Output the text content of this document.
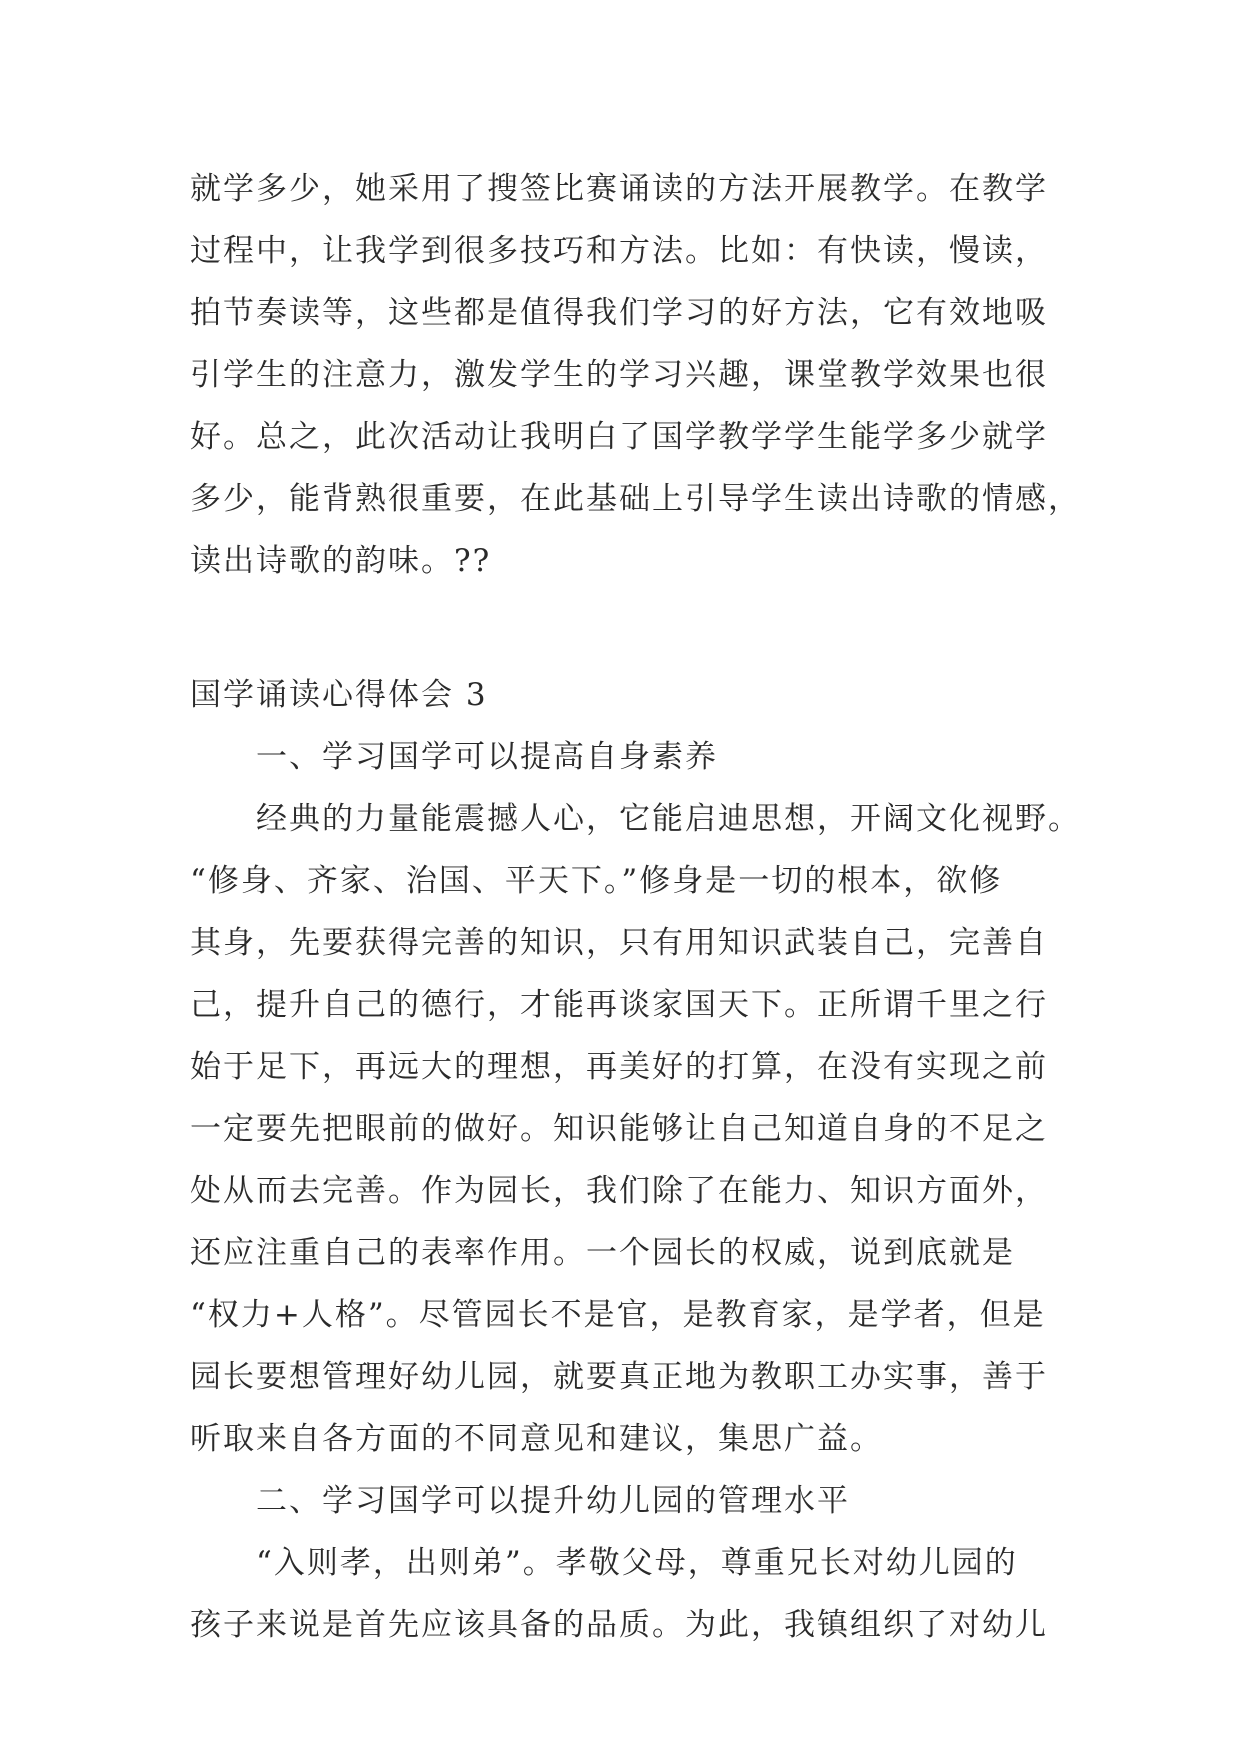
就学多少，她采用了搜签比赛诵读的方法开展教学。在教学
过程中，让我学到很多技巧和方法。比如：有快读，慢读，
拍节奏读等，这些都是值得我们学习的好方法，它有效地吸
引学生的注意力，激发学生的学习兴趣，课堂教学效果也很
好。总之，此次活动让我明白了国学教学学生能学多少就学
多少，能背熟很重要，在此基础上引导学生读出诗歌的情感，
读出诗歌的韵味。??
国学诵读心得体会 3
一、学习国学可以提高自身素养
经典的力量能震撼人心，它能启迪思想，开阔文化视野。
“修身、齐家、治国、平天下。”修身是一切的根本，欲修
其身，先要获得完善的知识，只有用知识武装自己，完善自
己，提升自己的德行，才能再谈家国天下。正所谓千里之行
始于足下，再远大的理想，再美好的打算，在没有实现之前
一定要先把眼前的做好。知识能够让自己知道自身的不足之
处从而去完善。作为园长，我们除了在能力、知识方面外，
还应注重自己的表率作用。一个园长的权威，说到底就是
“权力+人格”。尽管园长不是官，是教育家，是学者，但是
园长要想管理好幼儿园，就要真正地为教职工办实事，善于
听取来自各方面的不同意见和建议，集思广益。
二、学习国学可以提升幼儿园的管理水平
“入则孝，出则弟”。孝敬父母，尊重兄长对幼儿园的
孩子来说是首先应该具备的品质。为此，我镇组织了对幼儿
